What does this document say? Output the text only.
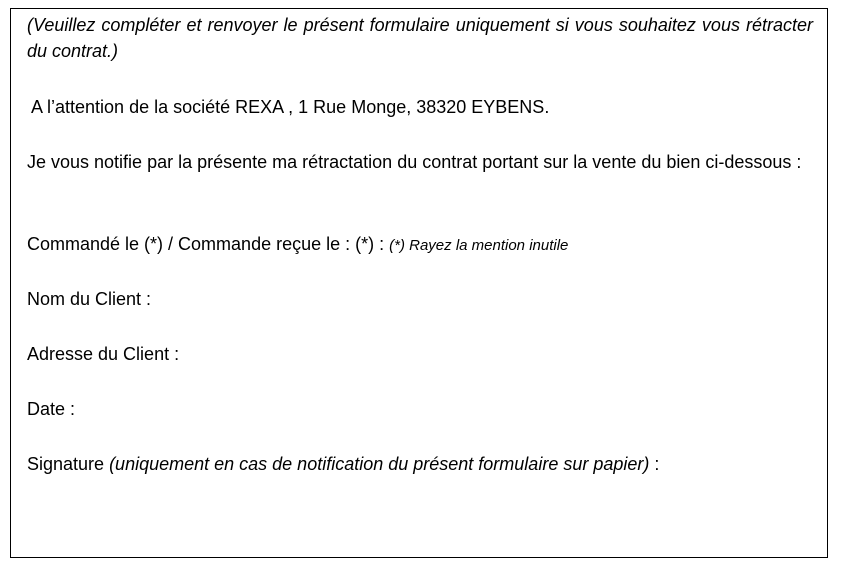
(Veuillez compléter et renvoyer le présent formulaire uniquement si vous souhaitez vous rétracter du contrat.)

A l’attention de la société REXA , 1 Rue Monge, 38320 EYBENS.

Je vous notifie par la présente ma rétractation du contrat portant sur la vente du bien ci-dessous :

Commandé le (*) / Commande reçue le : (*) : (*) Rayez la mention inutile

Nom du Client :

Adresse du Client :

Date :

Signature (uniquement en cas de notification du présent formulaire sur papier) :
